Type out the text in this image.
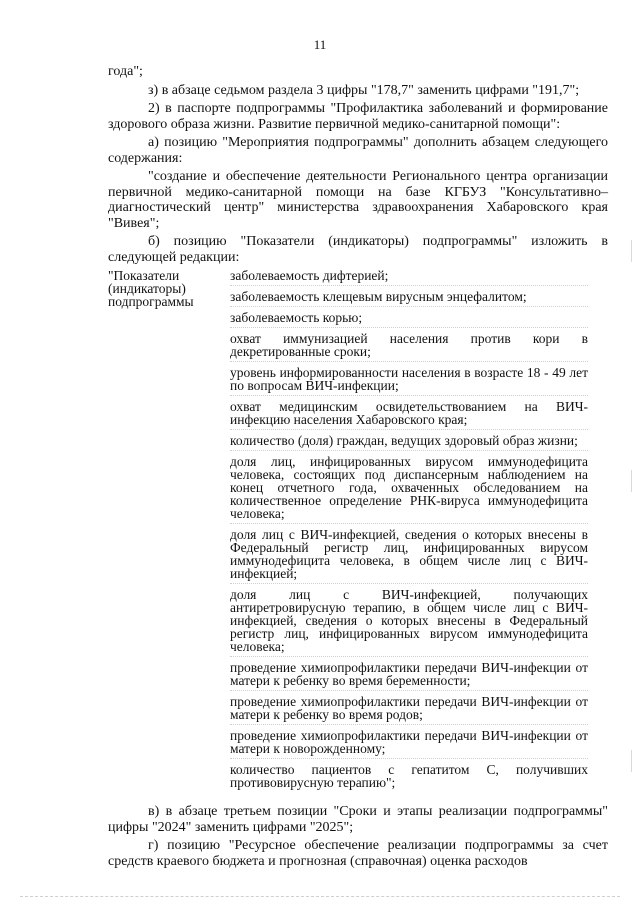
11

года";

з) в абзаце седьмом раздела 3 цифры "178,7" заменить цифрами "191,7";

2) в паспорте подпрограммы "Профилактика заболеваний и формирование здорового образа жизни. Развитие первичной медико-санитарной помощи":

а) позицию "Мероприятия подпрограммы" дополнить абзацем следующего содержания:

"создание и обеспечение деятельности Регионального центра организации первичной медико-санитарной помощи на базе КГБУЗ "Консультативно–диагностический центр" министерства здравоохранения Хабаровского края "Вивея";

б) позицию "Показатели (индикаторы) подпрограммы" изложить в следующей редакции:

"Показатели (индикаторы) подпрограммы
заболеваемость дифтерией;
заболеваемость клещевым вирусным энцефалитом;
заболеваемость корью;
охват иммунизацией населения против кори в декретированные сроки;
уровень информированности населения в возрасте 18 - 49 лет по вопросам ВИЧ-инфекции;
охват медицинским освидетельствованием на ВИЧ-инфекцию населения Хабаровского края;
количество (доля) граждан, ведущих здоровый образ жизни;
доля лиц, инфицированных вирусом иммунодефицита человека, состоящих под диспансерным наблюдением на конец отчетного года, охваченных обследованием на количественное определение РНК-вируса иммунодефицита человека;
доля лиц с ВИЧ-инфекцией, сведения о которых внесены в Федеральный регистр лиц, инфицированных вирусом иммунодефицита человека, в общем числе лиц с ВИЧ-инфекцией;
доля лиц с ВИЧ-инфекцией, получающих антиретровирусную терапию, в общем числе лиц с ВИЧ-инфекцией, сведения о которых внесены в Федеральный регистр лиц, инфицированных вирусом иммунодефицита человека;
проведение химиопрофилактики передачи ВИЧ-инфекции от матери к ребенку во время беременности;
проведение химиопрофилактики передачи ВИЧ-инфекции от матери к ребенку во время родов;
проведение химиопрофилактики передачи ВИЧ-инфекции от матери к новорожденному;
количество пациентов с гепатитом С, получивших противовирусную терапию";

в) в абзаце третьем позиции "Сроки и этапы реализации подпрограммы" цифры "2024" заменить цифрами "2025";

г) позицию "Ресурсное обеспечение реализации подпрограммы за счет средств краевого бюджета и прогнозная (справочная) оценка расходов
